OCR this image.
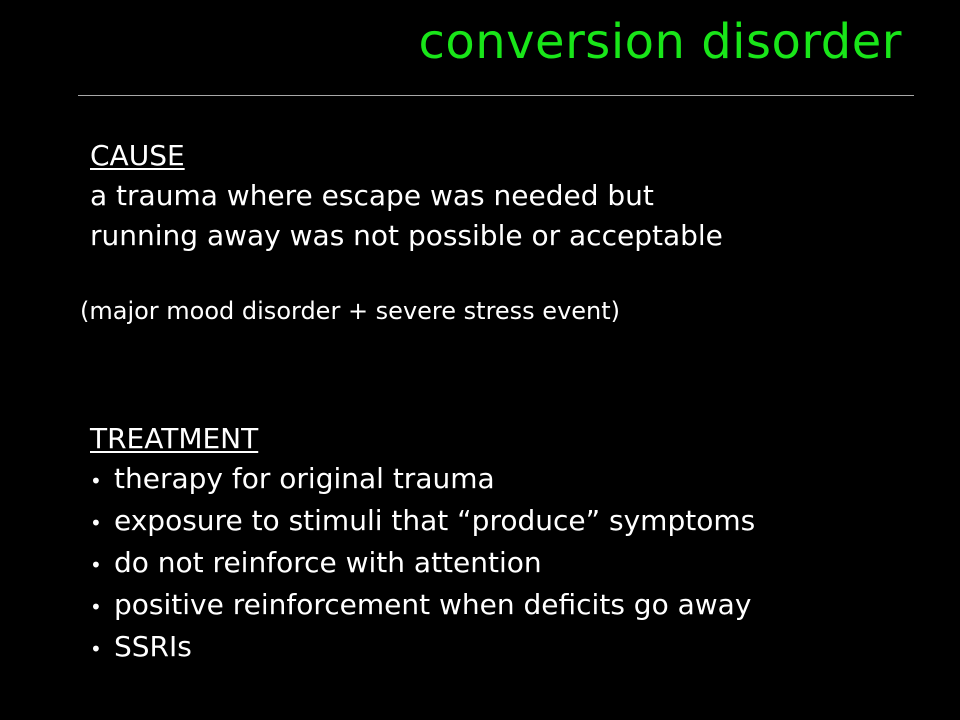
conversion disorder
CAUSE
a trauma where escape was needed but
running away was not possible or acceptable
(major mood disorder + severe stress event)
TREATMENT
• therapy for original trauma
• exposure to stimuli that “produce” symptoms
• do not reinforce with attention
• positive reinforcement when deficits go away
• SSRIs
